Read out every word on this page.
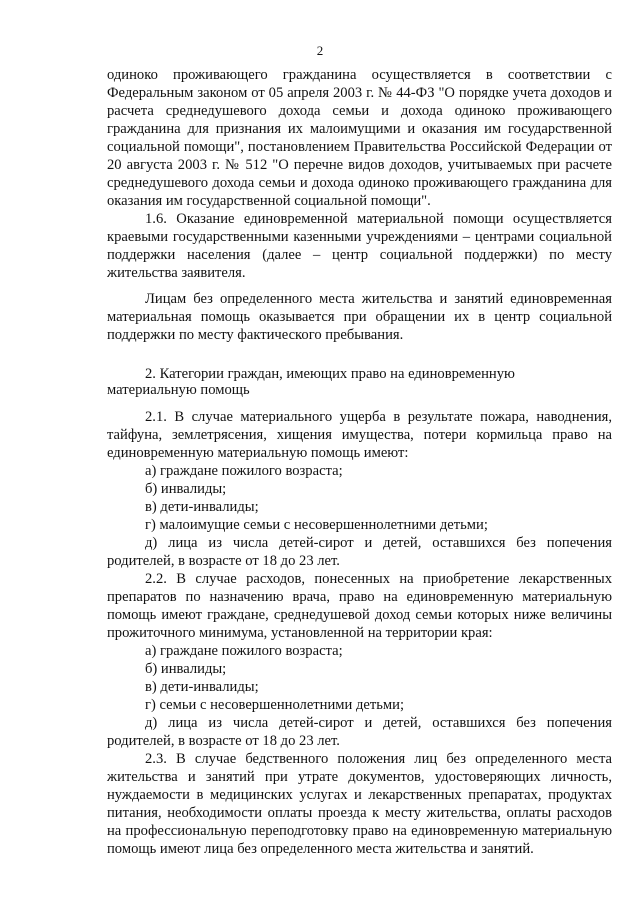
2

одиноко проживающего гражданина осуществляется в соответствии с Федеральным законом от 05 апреля 2003 г. № 44-ФЗ "О порядке учета доходов и расчета среднедушевого дохода семьи и дохода одиноко проживающего гражданина для признания их малоимущими и оказания им государственной социальной помощи", постановлением Правительства Российской Федерации от 20 августа 2003 г. № 512 "О перечне видов доходов, учитываемых при расчете среднедушевого дохода семьи и дохода одиноко проживающего гражданина для оказания им государственной социальной помощи".

1.6. Оказание единовременной материальной помощи осуществляется краевыми государственными казенными учреждениями – центрами социальной поддержки населения (далее – центр социальной поддержки) по месту жительства заявителя.

Лицам без определенного места жительства и занятий единовременная материальная помощь оказывается при обращении их в центр социальной поддержки по месту фактического пребывания.

2. Категории граждан, имеющих право на единовременную материальную помощь

2.1. В случае материального ущерба в результате пожара, наводнения, тайфуна, землетрясения, хищения имущества, потери кормильца право на единовременную материальную помощь имеют:

а) граждане пожилого возраста;

б) инвалиды;

в) дети-инвалиды;

г) малоимущие семьи с несовершеннолетними детьми;

д) лица из числа детей-сирот и детей, оставшихся без попечения родителей, в возрасте от 18 до 23 лет.

2.2. В случае расходов, понесенных на приобретение лекарственных препаратов по назначению врача, право на единовременную материальную помощь имеют граждане, среднедушевой доход семьи которых ниже величины прожиточного минимума, установленной на территории края:

а) граждане пожилого возраста;

б) инвалиды;

в) дети-инвалиды;

г) семьи с несовершеннолетними детьми;

д) лица из числа детей-сирот и детей, оставшихся без попечения родителей, в возрасте от 18 до 23 лет.

2.3. В случае бедственного положения лиц без определенного места жительства и занятий при утрате документов, удостоверяющих личность, нуждаемости в медицинских услугах и лекарственных препаратах, продуктах питания, необходимости оплаты проезда к месту жительства, оплаты расходов на профессиональную переподготовку право на единовременную материальную помощь имеют лица без определенного места жительства и занятий.
